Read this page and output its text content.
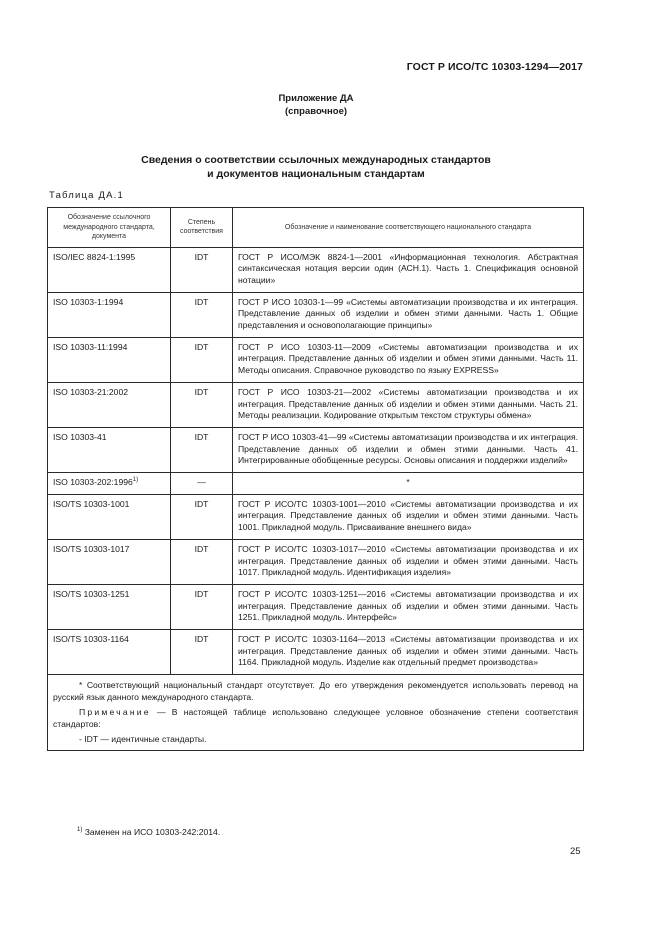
ГОСТ Р ИСО/ТС 10303-1294—2017
Приложение ДА
(справочное)
Сведения о соответствии ссылочных международных стандартов
и документов национальным стандартам
Таблица ДА.1
Обозначение ссылочного международного стандарта, документа	Степень соответствия	Обозначение и наименование соответствующего национального стандарта
ISO/IEC 8824-1:1995	IDT	ГОСТ Р ИСО/МЭК 8824-1—2001 «Информационная технология. Абстрактная синтаксическая нотация версии один (АСН.1). Часть 1. Спецификация основной нотации»
ISO 10303-1:1994	IDT	ГОСТ Р ИСО 10303-1—99 «Системы автоматизации производства и их интеграция. Представление данных об изделии и обмен этими данными. Часть 1. Общие представления и основополагающие принципы»
ISO 10303-11:1994	IDT	ГОСТ Р ИСО 10303-11—2009 «Системы автоматизации производства и их интеграция. Представление данных об изделии и обмен этими данными. Часть 11. Методы описания. Справочное руководство по языку EXPRESS»
ISO 10303-21:2002	IDT	ГОСТ Р ИСО 10303-21—2002 «Системы автоматизации производства и их интеграция. Представление данных об изделии и обмен этими данными. Часть 21. Методы реализации. Кодирование открытым текстом структуры обмена»
ISO 10303-41	IDT	ГОСТ Р ИСО 10303-41—99 «Системы автоматизации производства и их интеграция. Представление данных об изделии и обмен этими данными. Часть 41. Интегрированные обобщенные ресурсы. Основы описания и поддержки изделий»
ISO 10303-202:1996$^{1)}$	—	*
ISO/TS 10303-1001	IDT	ГОСТ Р ИСО/ТС 10303-1001—2010 «Системы автоматизации производства и их интеграция. Представление данных об изделии и обмен этими данными. Часть 1001. Прикладной модуль. Присваивание внешнего вида»
ISO/TS 10303-1017	IDT	ГОСТ Р ИСО/ТС 10303-1017—2010 «Системы автоматизации производства и их интеграция. Представление данных об изделии и обмен этими данными. Часть 1017. Прикладной модуль. Идентификация изделия»
ISO/TS 10303-1251	IDT	ГОСТ Р ИСО/ТС 10303-1251—2016 «Системы автоматизации производства и их интеграция. Представление данных об изделии и обмен этими данными. Часть 1251. Прикладной модуль. Интерфейс»
ISO/TS 10303-1164	IDT	ГОСТ Р ИСО/ТС 10303-1164—2013 «Системы автоматизации производства и их интеграция. Представление данных об изделии и обмен этими данными. Часть 1164. Прикладной модуль. Изделие как отдельный предмет производства»

* Соответствующий национальный стандарт отсутствует. До его утверждения рекомендуется использовать перевод на русский язык данного международного стандарта.

Примечание — В настоящей таблице использовано следующее условное обозначение степени соответствия стандартов:

- IDT — идентичные стандарты.		

$^{1)}$ Заменен на ИСО 10303-242:2014.
25
